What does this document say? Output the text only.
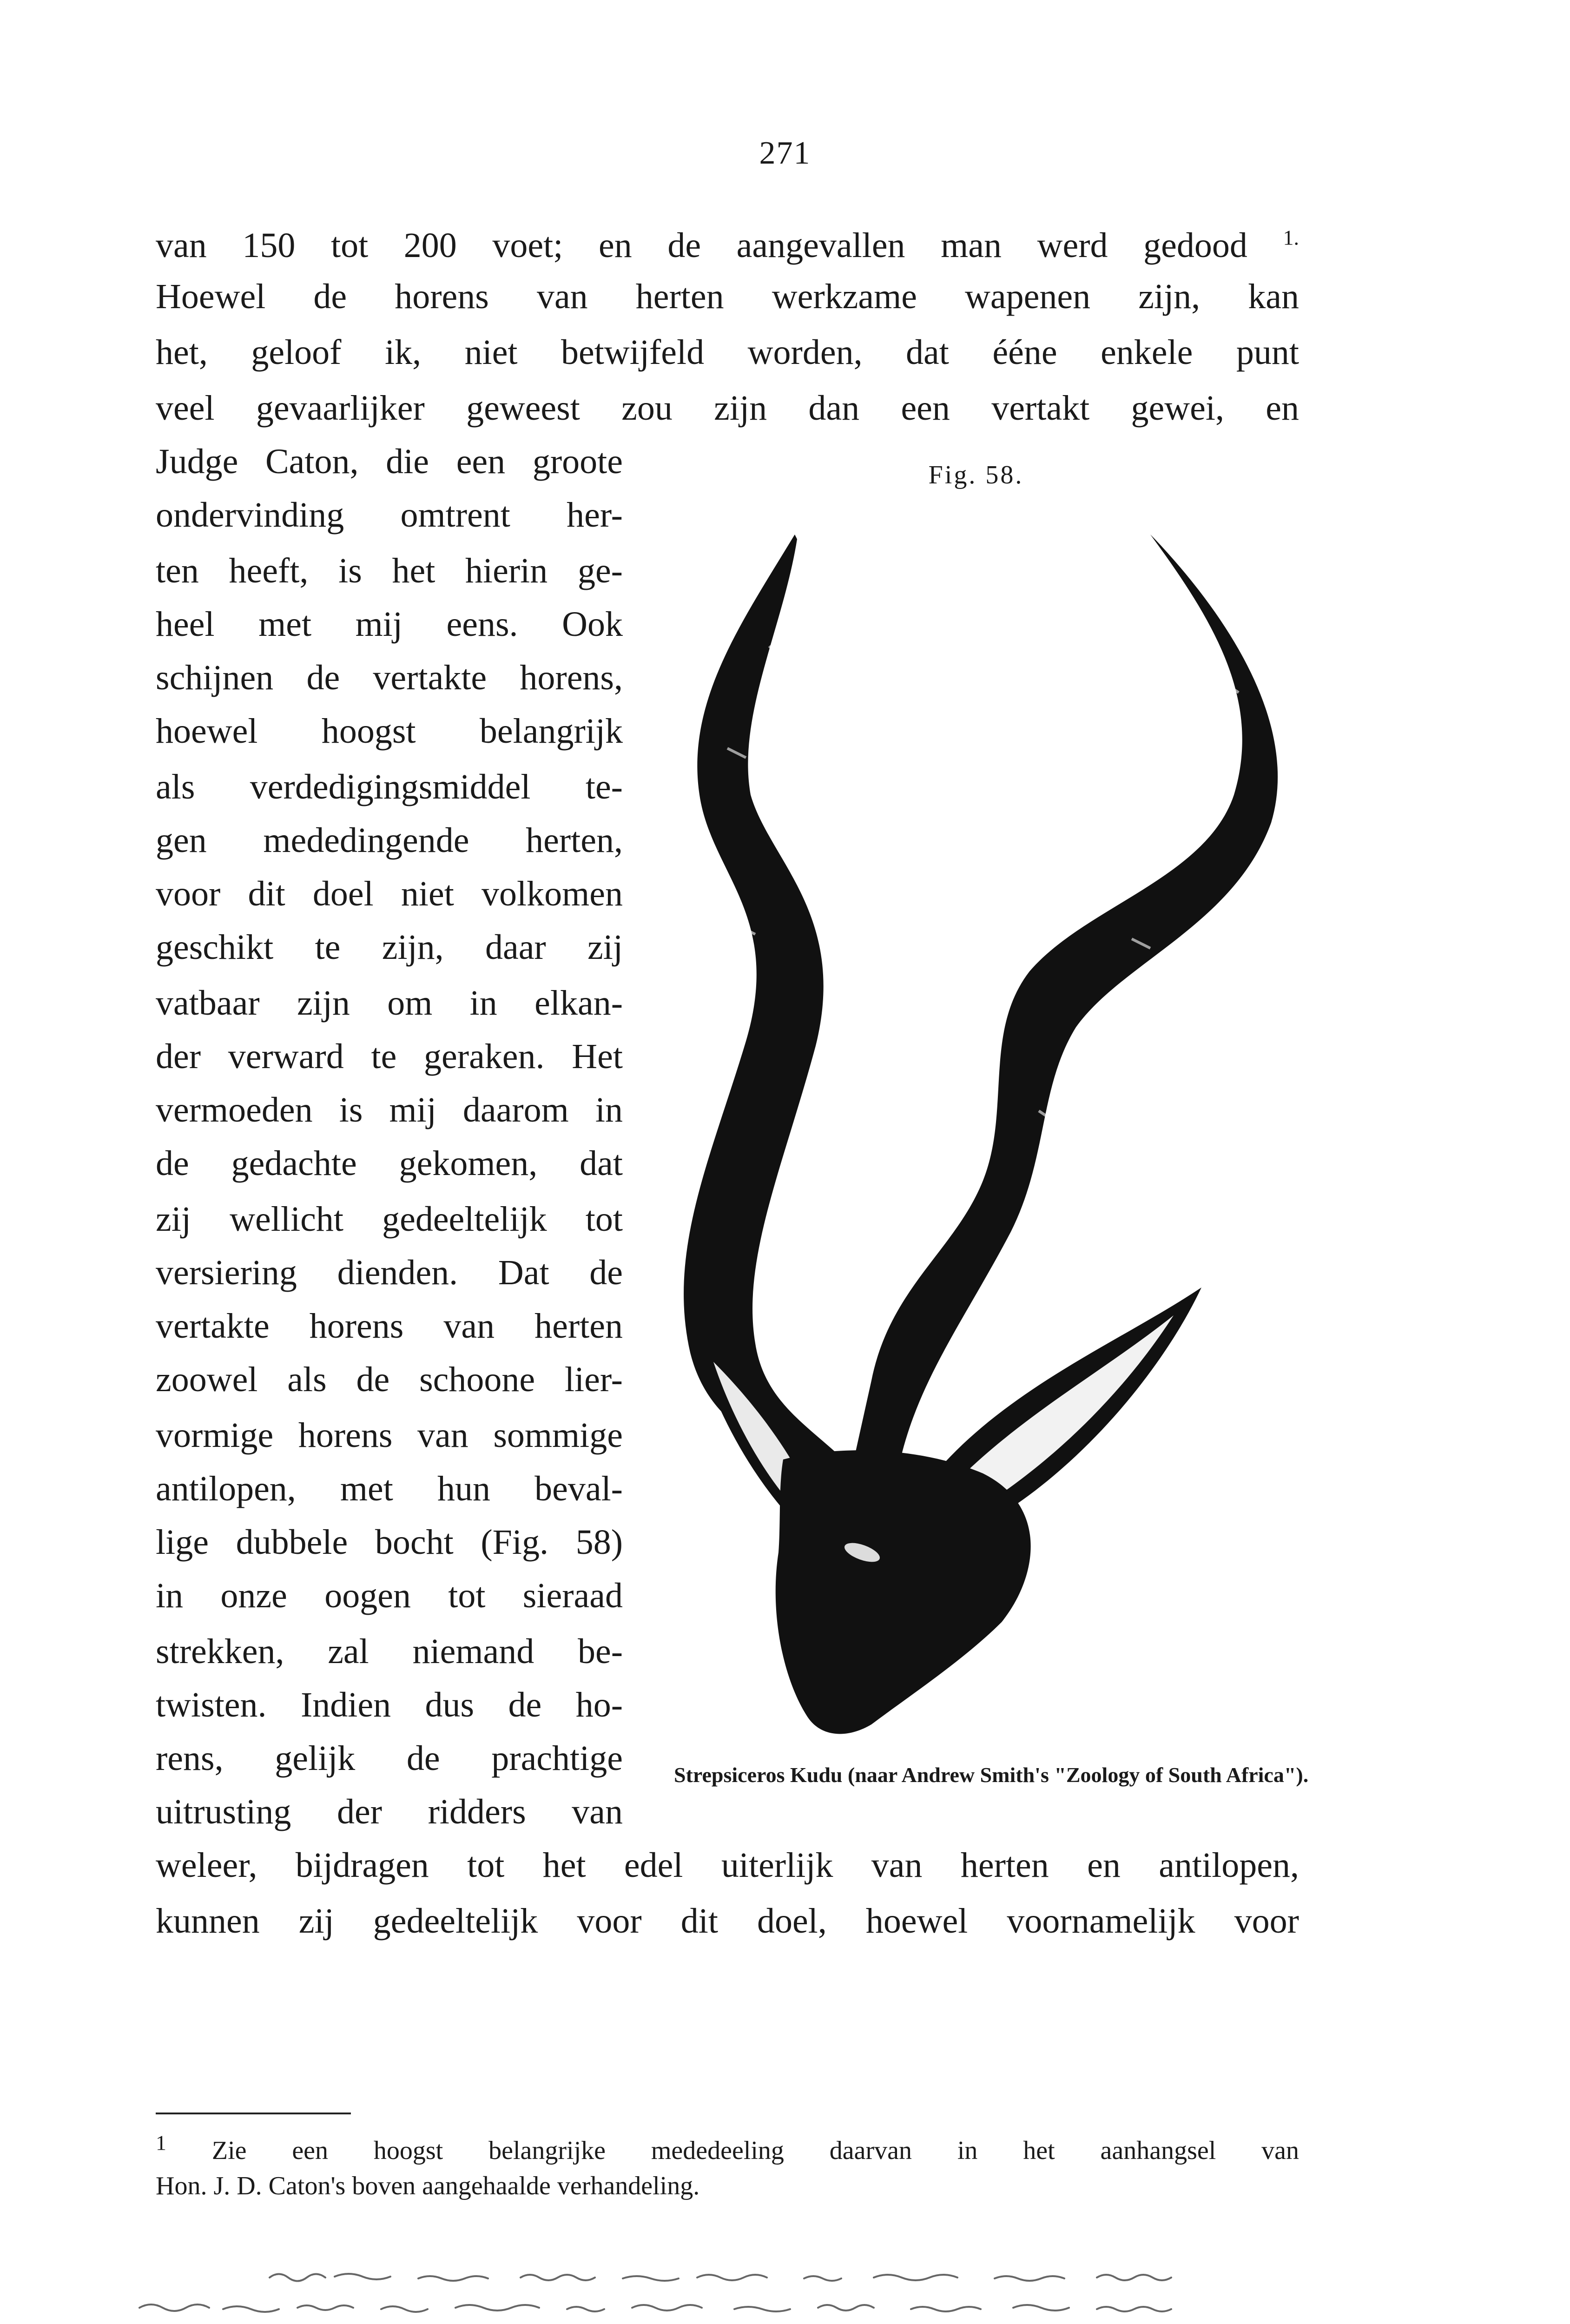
271
van 150 tot 200 voet; en de aangevallen man werd gedood $^{1.}$
Hoewel de horens van herten werkzame wapenen zijn, kan
het, geloof ik, niet betwijfeld worden, dat ééne enkele punt
veel gevaarlijker geweest zou zijn dan een vertakt gewei, en
Judge Caton, die een groote
ondervinding omtrent her-
ten heeft, is het hierin ge-
heel met mij eens. Ook
schijnen de vertakte horens,
hoewel hoogst belangrijk
als verdedigingsmiddel te-
gen mededingende herten,
voor dit doel niet volkomen
geschikt te zijn, daar zij
vatbaar zijn om in elkan-
der verward te geraken. Het
vermoeden is mij daarom in
de gedachte gekomen, dat
zij wellicht gedeeltelijk tot
versiering dienden. Dat de
vertakte horens van herten
zoowel als de schoone lier-
vormige horens van sommige
antilopen, met hun beval-
lige dubbele bocht (Fig. 58)
in onze oogen tot sieraad
strekken, zal niemand be-
twisten. Indien dus de ho-
rens, gelijk de prachtige
uitrusting der ridders van
weleer, bijdragen tot het edel uiterlijk van herten en antilopen,
kunnen zij gedeeltelijk voor dit doel, hoewel voornamelijk voor
Fig. 58.
Strepsiceros Kudu (naar Andrew Smith's "Zoology of South Africa").
$^1$ Zie een hoogst belangrijke mededeeling daarvan in het aanhangsel van
Hon. J. D. Caton's boven aangehaalde verhandeling.
